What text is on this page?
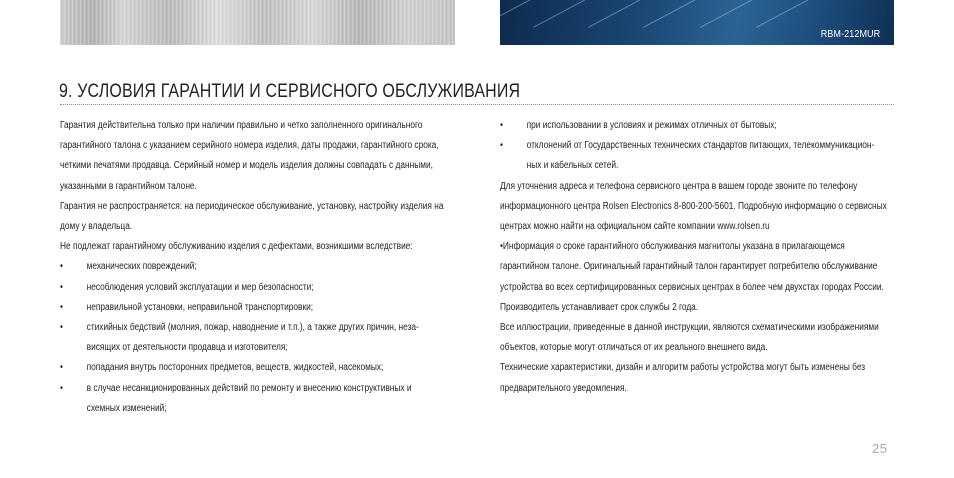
RBM-212MUR
9. УСЛОВИЯ ГАРАНТИИ И СЕРВИСНОГО ОБСЛУЖИВАНИЯ

Гарантия действительна только при наличии правильно и четко заполненного оригинального

гарантийного талона с указанием серийного номера изделия, даты продажи, гарантийного срока,

четкими печатями продавца. Серийный номер и модель изделия должны совпадать с данными,

указанными в гарантийном талоне.

Гарантия не распространяется: на периодическое обслуживание, установку, настройку изделия на

дому у владельца.

Не подлежат гарантийному обслуживанию изделия с дефектами, возникшими вследствие:

•	механических повреждений;
•	несоблюдения условий эксплуатации и мер безопасности;
•	неправильной установки, неправильной транспортировки;
•	стихийных бедствий (молния, пожар, наводнение и т.п.), а также других причин, неза-
висящих от деятельности продавца и изготовителя;
•	попадания внутрь посторонних предметов, веществ, жидкостей, насекомых;
•	в случае несанкционированных действий по ремонту и внесению конструктивных и
схемных изменений;
•	при использовании в условиях и режимах отличных от бытовых;
•	отклонений от Государственных технических стандартов питающих, телекоммуникацион-
ных и кабельных сетей.

Для уточнения адреса и телефона сервисного центра в вашем городе звоните по телефону

информационного центра Rolsen Electronics 8-800-200-5601. Подробную информацию о сервисных

центрах можно найти на официальном сайте компании www.rolsen.ru

•Информация о сроке гарантийного обслуживания магнитолы указана в прилагающемся

гарантийном талоне. Оригинальный гарантийный талон гарантирует потребителю обслуживание

устройства во всех сертифицированных сервисных центрах в более чем двухстах городах России.

Производитель устанавливает срок службы 2 года.

Все иллюстрации, приведенные в данной инструкции, являются схематическими изображениями

объектов, которые могут отличаться от их реального внешнего вида.

Технические характеристики, дизайн и алгоритм работы устройства могут быть изменены без

предварительного уведомления.

25
